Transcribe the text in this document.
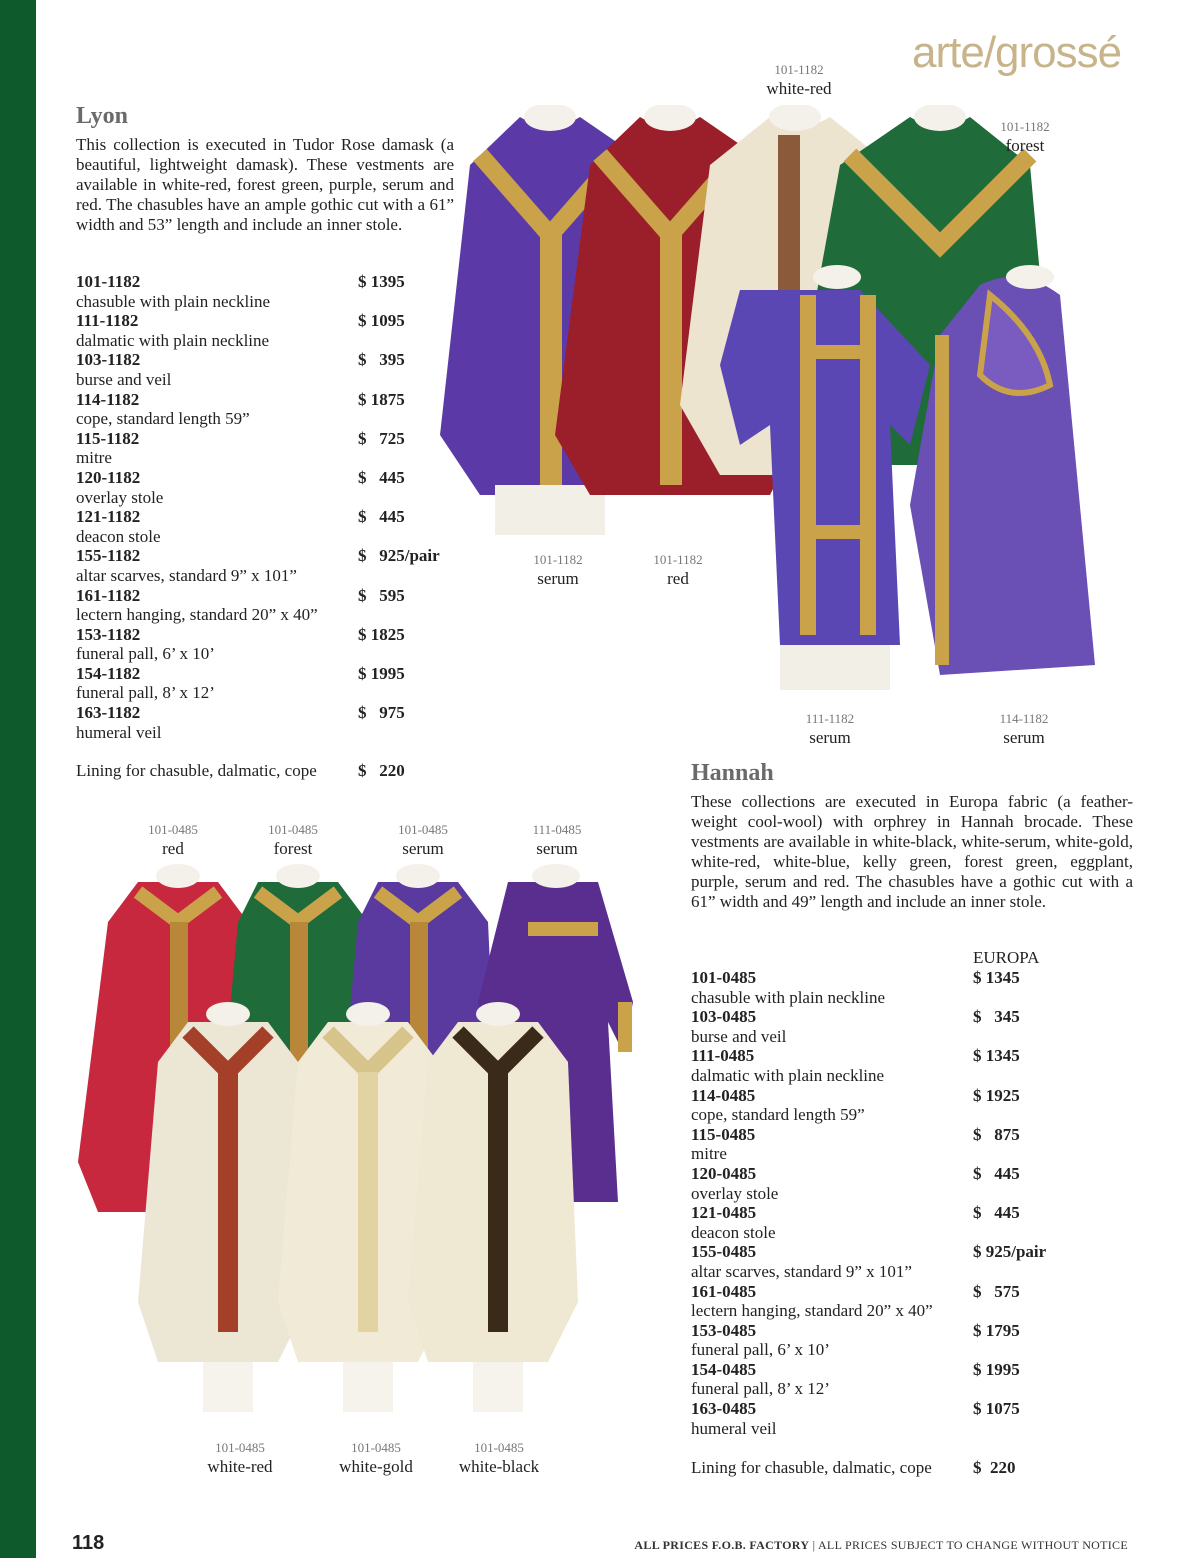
arte/grossé
Lyon

This collection is executed in Tudor Rose damask (a beautiful, lightweight damask). These vestments are available in white-red, forest green, purple, serum and red. The chasubles have an ample gothic cut with a 61” width and 53” length and include an inner stole.

101-1182
chasuble with plain neckline
$ 1395
111-1182
dalmatic with plain neckline
$ 1095
103-1182
burse and veil
$   395
114-1182
cope, standard length 59”
$ 1875
115-1182
mitre
$   725
120-1182
overlay stole
$   445
121-1182
deacon stole
$   445
155-1182
altar scarves, standard 9” x 101”
$   925/pair
161-1182
lectern hanging, standard 20” x 40”
$   595
153-1182
funeral pall, 6’ x 10’
$ 1825
154-1182
funeral pall, 8’ x 12’
$ 1995
163-1182
humeral veil
$   975
Lining for chasuble, dalmatic, cope $   220
101-1182
white-red
101-1182
forest
101-1182
serum
101-1182
red
111-1182
serum
114-1182
serum
Hannah

These collections are executed in Europa fabric (a feather-weight cool-wool) with orphrey in Hannah brocade. These vestments are available in white-black, white-serum, white-gold, white-red, white-blue, kelly green, forest green, eggplant, purple, serum and red. The chasubles have a gothic cut with a 61” width and 49” length and include an inner stole.

EUROPA
101-0485
chasuble with plain neckline
$ 1345
103-0485
burse and veil
$   345
111-0485
dalmatic with plain neckline
$ 1345
114-0485
cope, standard length 59”
$ 1925
115-0485
mitre
$   875
120-0485
overlay stole
$   445
121-0485
deacon stole
$   445
155-0485
altar scarves, standard 9” x 101”
$ 925/pair
161-0485
lectern hanging, standard 20” x 40”
$   575
153-0485
funeral pall, 6’ x 10’
$ 1795
154-0485
funeral pall, 8’ x 12’
$ 1995
163-0485
humeral veil
$ 1075
Lining for chasuble, dalmatic, cope $  220
101-0485
red
101-0485
forest
101-0485
serum
111-0485
serum
101-0485
white-red
101-0485
white-gold
101-0485
white-black
118	ALL PRICES F.O.B. FACTORY | ALL PRICES SUBJECT TO CHANGE WITHOUT NOTICE
